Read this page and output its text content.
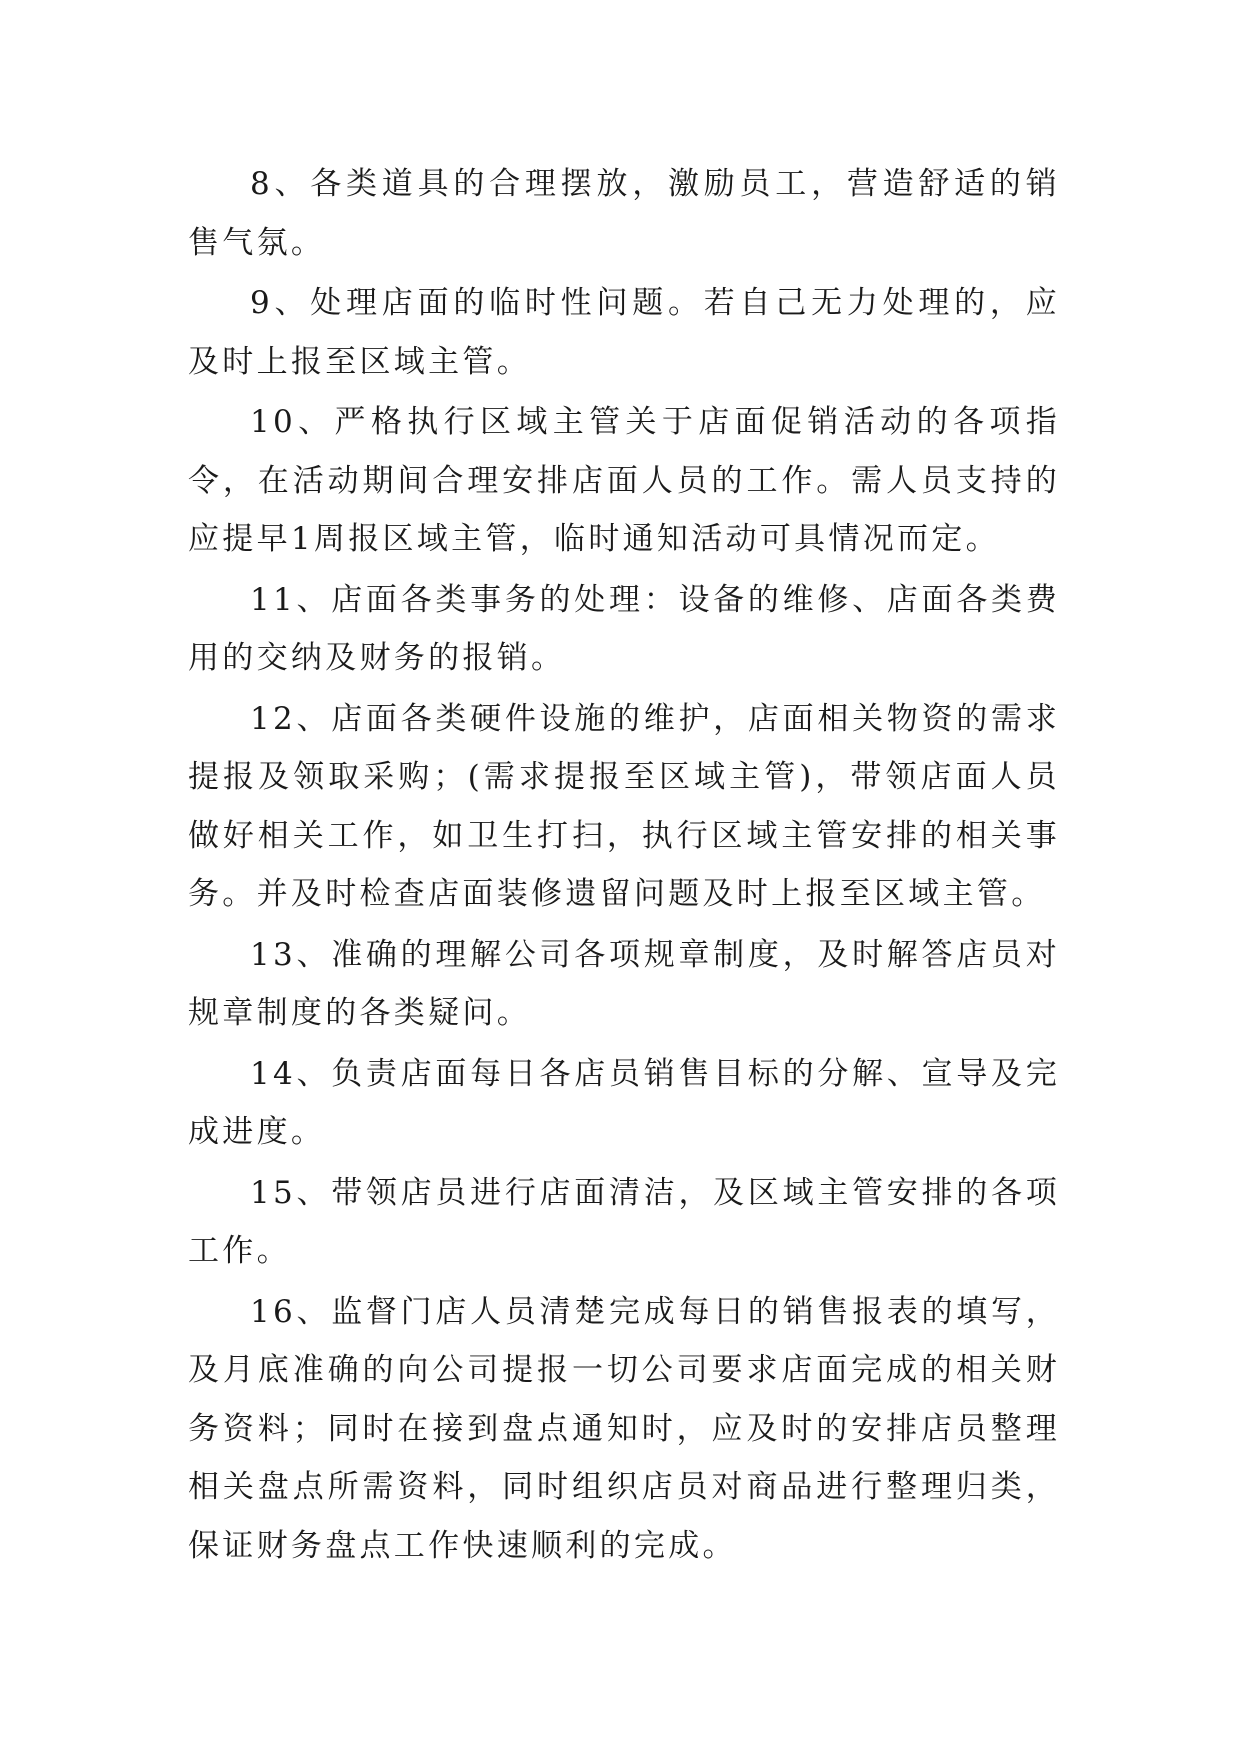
8、各类道具的合理摆放，激励员工，营造舒适的销售气氛。

9、处理店面的临时性问题。若自己无力处理的，应及时上报至区域主管。

10、严格执行区域主管关于店面促销活动的各项指令，在活动期间合理安排店面人员的工作。需人员支持的应提早1周报区域主管，临时通知活动可具情况而定。

11、店面各类事务的处理：设备的维修、店面各类费用的交纳及财务的报销。

12、店面各类硬件设施的维护，店面相关物资的需求提报及领取采购；(需求提报至区域主管)，带领店面人员做好相关工作，如卫生打扫，执行区域主管安排的相关事务。并及时检查店面装修遗留问题及时上报至区域主管。

13、准确的理解公司各项规章制度，及时解答店员对规章制度的各类疑问。

14、负责店面每日各店员销售目标的分解、宣导及完成进度。

15、带领店员进行店面清洁，及区域主管安排的各项工作。

16、监督门店人员清楚完成每日的销售报表的填写，及月底准确的向公司提报一切公司要求店面完成的相关财务资料；同时在接到盘点通知时，应及时的安排店员整理相关盘点所需资料，同时组织店员对商品进行整理归类，保证财务盘点工作快速顺利的完成。
